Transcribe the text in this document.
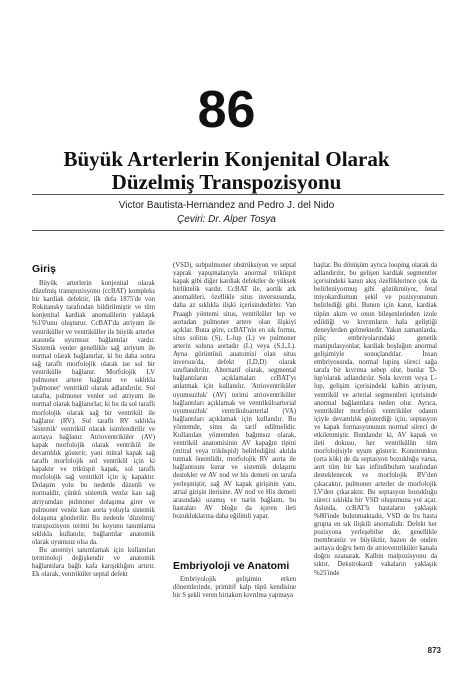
86
Büyük Arterlerin Konjenital Olarak
Düzelmiş Transpozisyonu
Victor Bautista-Hernandez and Pedro J. del Nido
Çeviri: Dr. Alper Tosya

Giriş

Büyük arterlerin konjenital olarak düzelmiş transpozisyonu (ccBAT) kompleks bir kardiak defektir, ilk defa 1875'de von Rokitansky tarafından bildirilmiştir ve tüm konjenital kardiak anomalilerin yaklaşık %1'0'unu oluşturur. CcBAT'da atriyum ile ventriküller ve ventriküller ile büyük arterler arasında uyumsuz bağlantılar vardır. Sistemik venler genellikle sağ atriyum ile normal olarak bağlanırlar, ki bu daha sonra sağ taraflı morfolojik olarak ise sol bir ventrikülle bağlanır. Morfolojik LV pulmoner artere bağlanır ve sıklıkla 'pulmoner' ventrikül olarak adlandırılır. Sol tarafta, pulmoner venler sol atriyum ile normal olarak bağlanırlar, ki bu da sol taraflı morfolojik olarak sağ bir ventrikül ile bağlanır (RV). Sol taraflı RV sıklıkla 'sistemik' ventrikül olarak isimlendirilir ve aortaya bağlanır. Atrioventriküler (AV) kapak morfolojik olarak ventrikül ile devamlılık gösterir, yani mitral kapak sağ taraflı morfolojik sol ventrikül için ki kapaktır ve triküspit kapak, sol taraflı morfolojik sağ ventrikül için iç kapaktır. Dolaşım yolu bu nedenle düzenli ve normaldir, çünkü sistemik venöz kan sağ atriyumdan pulmoner dolaşıma girer ve pulmoner venöz kan aorta yoluyla sistemik dolaşıma gönderilir. Bu nedenle 'düzelmiş' transpozisyon terimi bu koyunu tanımlama sıklıkla kullanılır, bağlantılar anatomik olarak uyumsuz olsa da.

Bu anomiyi tanımlamak için kullanılan terminoloji değişkendir ve anatomik bağlantılara bağlı kafa karışıklığını artırır. Ek olarak, ventriküler septal defekt

(VSD), subpulmoner obstrüksiyon ve septal yaprak yapışmalarıyla anormal triküspit kapak gibi diğer kardiak defektler de yüksek birliktelik vardır. CcBAT ile, aortik ark anomalileri, özellikle situs inversusunda, daha az sıklıkla ilişki içerisindedirler. Van Praagh yöntemi situs, ventriküler lup ve aortadan pulmoner artere olan ilişkiyi açıklar. Buna göre, ccBAT'nin en sık formu, situs solitus (S), L-lup (L) ve pulmoner arterin soluna aortadır (L) veya (S,L,L). Ayna görüntüsü anatomisi olan situs inversus'da, defekt (I,D,D) olarak sınıflandırılır. Alternatif olarak, segmental bağlantıların açıklamaları ccBAT'yı anlatmak için kullanılır. 'Atrioventriküler uyumsuzluk' (AV) terimi atrioventriküler bağlantıları açıklamak ve ventriküloarterial uyumsuzluk' ventrikuloarterial (VA) bağlantıları açıklamak için kullanılır. Bu yöntemde, situs da tarif edilmelidir. Kullanılan yöntemden bağımsız olarak, ventrikül anatomisinin AV kapağın tipini (mitral veya triküspid) belirlediğini akılda tutmak önemlidir, morfolojik RV aorta ile bağlantısını kurar ve sistemik dolaşımı destekler ve AV nod ve his demeti on tarafa yerleşmiştir, sağ AV kapak girişinin yanı, atrial girişin ilerisine. AV nod ve His demeti arasındaki uzamış ve narin bağlantı, bu hastaları AV bloğu da içeren ileti bozukluklarına daha eğilimli yapar.

Embriyoloji ve Anatomi

Embriyolojik gelişimin erken dönemlerinde, primitif kalp tüpü kendisine bir S şekli veren birtakım kıvrılma yapmaya

başlar. Bu dönüşüm ayrıca looping olarak da adlandırılır, bu gelişen kardiak segmentler içerisindeki kanın akış özelliklerince çok da belirleniyormuş gibi gözükmüyor, fetal miyokardiumun şekil ve pozisyonunun belirlediği gibi. Bunun için kanıt, kardiak tüpün akım ve onun bileşenlerinden izole edildiği ve kıvrımların hala geliştiği deneylerden gelmektedir. Yakın zamanlarda, piliç embriyolarındaki genetik manipulasyonlar, kardiak boşluğun anormal gelişimiyle sonuçlandılar. İnsan embriyosunda, normal lupinş süreci sağa tarafa bir kıvrıma sebep olur, bunlar 'D-lup'olarak adlandırılır. Sola kıvrım veya L-lup, gelişim içerisindeki kalbin atriyum, ventrikül ve arterial segmentleri içerisinde anormal bağlantılara neden olur. Ayrıca, ventriküler morfoloji ventriküler odanın içiyle devamlılık gösterdiği için, septasyon ve kapak formasyonunun normal süreci de etkilenmiştir. Bundandır ki, AV kapak ve ileti dokusu, her ventrikülün tüm morfolojisiyle uyum gösterir. Konotrunkus (orta kök) de da septasyon bozukluğu varsa, aort tüm bir kas infindibulum tarafından desteklenecek ve morfolojik RV'den çıkacaktır, pulmoner arterler de morfolojik LV'den çıkacaktır. Bu septasyon bozukluğu süreci sıklıkla bir VSD oluşumuna yol açar. Aslında, ccBAT'lı hastaların yaklaşık %80'inde bulunmaktadır, VSD de bu hasta grupta en sık ilişkili anomalidir. Defekt her pozisyona yerleşebilse de, genellikle membranöz ve büyüktür, bazen de onden aortaya doğru hem de atrioventriküler kanala doğru uzanarak. Kalbin malpozisyonu da sıktır. Dekstrokardi vakaların yaklaşık %25'inde

873
